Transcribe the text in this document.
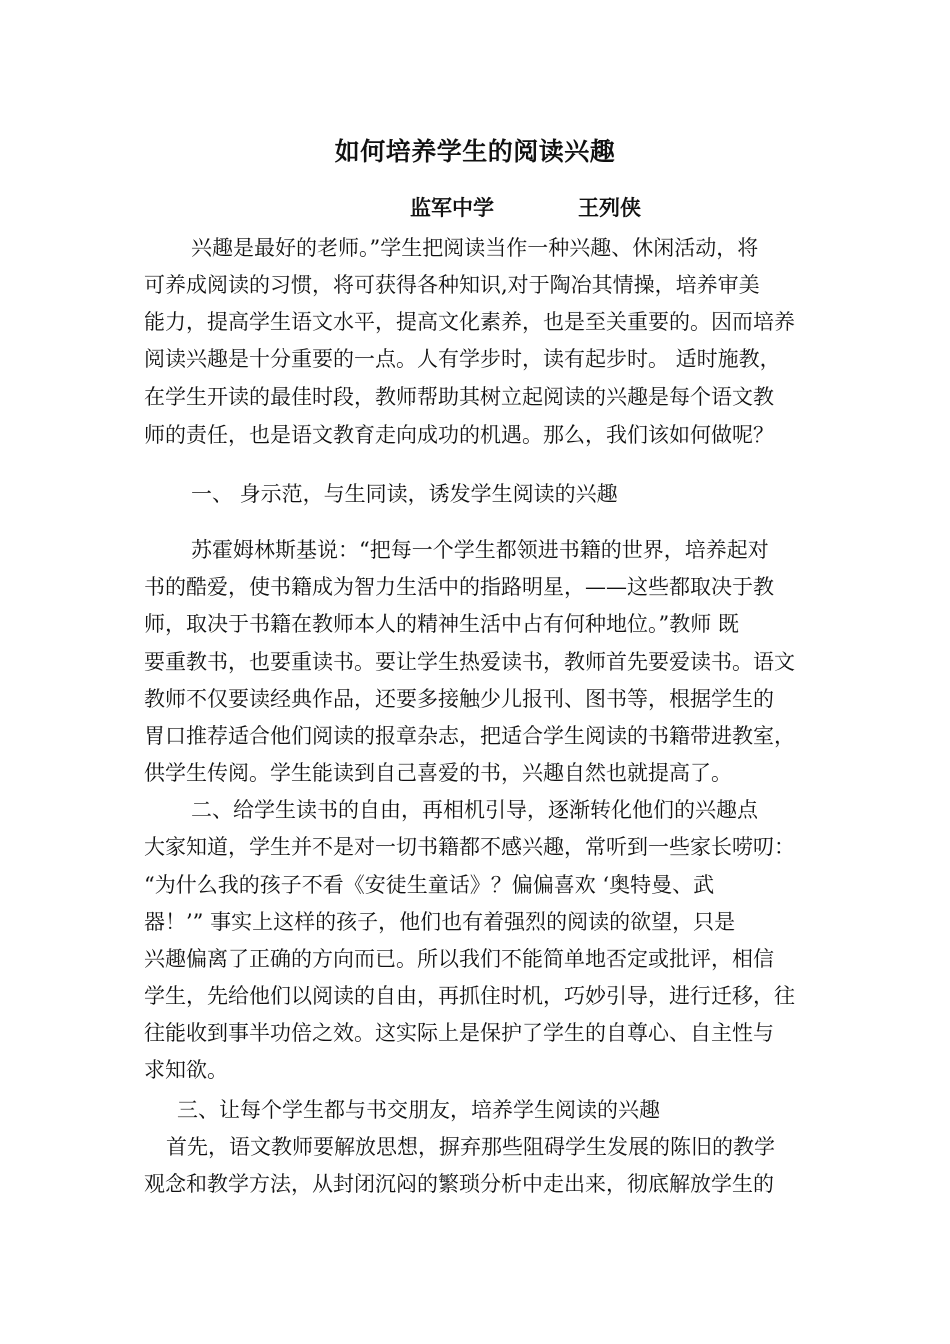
如何培养学生的阅读兴趣
监军中学	王列侠
兴趣是最好的老师。”学生把阅读当作一种兴趣、休闲活动，将
可养成阅读的习惯，将可获得各种知识,对于陶冶其情操，培养审美
能力，提高学生语文水平，提高文化素养，也是至关重要的。因而培养
阅读兴趣是十分重要的一点。人有学步时，读有起步时。 适时施教，
在学生开读的最佳时段，教师帮助其树立起阅读的兴趣是每个语文教
师的责任，也是语文教育走向成功的机遇。那么，我们该如何做呢？
一、 身示范，与生同读，诱发学生阅读的兴趣
苏霍姆林斯基说：“把每一个学生都领进书籍的世界，培养起对
书的酷爱，使书籍成为智力生活中的指路明星，——这些都取决于教
师，取决于书籍在教师本人的精神生活中占有何种地位。”教师 既
要重教书，也要重读书。要让学生热爱读书，教师首先要爱读书。语文
教师不仅要读经典作品，还要多接触少儿报刊、图书等，根据学生的
胃口推荐适合他们阅读的报章杂志，把适合学生阅读的书籍带进教室，
供学生传阅。学生能读到自己喜爱的书，兴趣自然也就提高了。
二、给学生读书的自由，再相机引导，逐渐转化他们的兴趣点
大家知道，学生并不是对一切书籍都不感兴趣，常听到一些家长唠叨：
“为什么我的孩子不看《安徒生童话》？偏偏喜欢 ‘奥特曼、武
器！’” 事实上这样的孩子，他们也有着强烈的阅读的欲望，只是
兴趣偏离了正确的方向而已。所以我们不能简单地否定或批评，相信
学生，先给他们以阅读的自由，再抓住时机，巧妙引导，进行迁移，往
往能收到事半功倍之效。这实际上是保护了学生的自尊心、自主性与
求知欲。
三、让每个学生都与书交朋友，培养学生阅读的兴趣
首先，语文教师要解放思想，摒弃那些阻碍学生发展的陈旧的教学
观念和教学方法，从封闭沉闷的繁琐分析中走出来，彻底解放学生的
